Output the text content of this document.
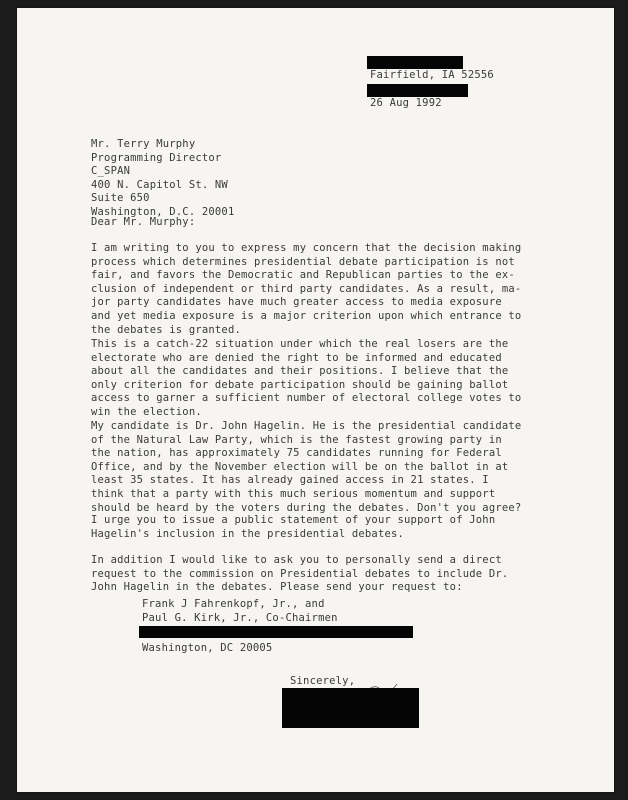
Fairfield, IA 52556
26 Aug 1992
Mr. Terry Murphy
Programming Director
C_SPAN
400 N. Capitol St. NW
Suite 650
Washington, D.C. 20001
Dear Mr. Murphy:
I am writing to you to express my concern that the decision making
process which determines presidential debate participation is not
fair, and favors the Democratic and Republican parties to the ex-
clusion of independent or third party candidates. As a result, ma-
jor party candidates have much greater access to media exposure
and yet media exposure is a major criterion upon which entrance to
the debates is granted.
This is a catch-22 situation under which the real losers are the
electorate who are denied the right to be informed and educated
about all the candidates and their positions. I believe that the
only criterion for debate participation should be gaining ballot
access to garner a sufficient number of electoral college votes to
win the election.
My candidate is Dr. John Hagelin. He is the presidential candidate
of the Natural Law Party, which is the fastest growing party in
the nation, has approximately 75 candidates running for Federal
Office, and by the November election will be on the ballot in at
least 35 states. It has already gained access in 21 states. I
think that a party with this much serious momentum and support
should be heard by the voters during the debates. Don't you agree?
I urge you to issue a public statement of your support of John
Hagelin's inclusion in the presidential debates.
In addition I would like to ask you to personally send a direct
request to the commission on Presidential debates to include Dr.
John Hagelin in the debates. Please send your request to:
Frank J Fahrenkopf, Jr., and
Paul G. Kirk, Jr., Co-Chairmen
Washington, DC 20005
Sincerely,
